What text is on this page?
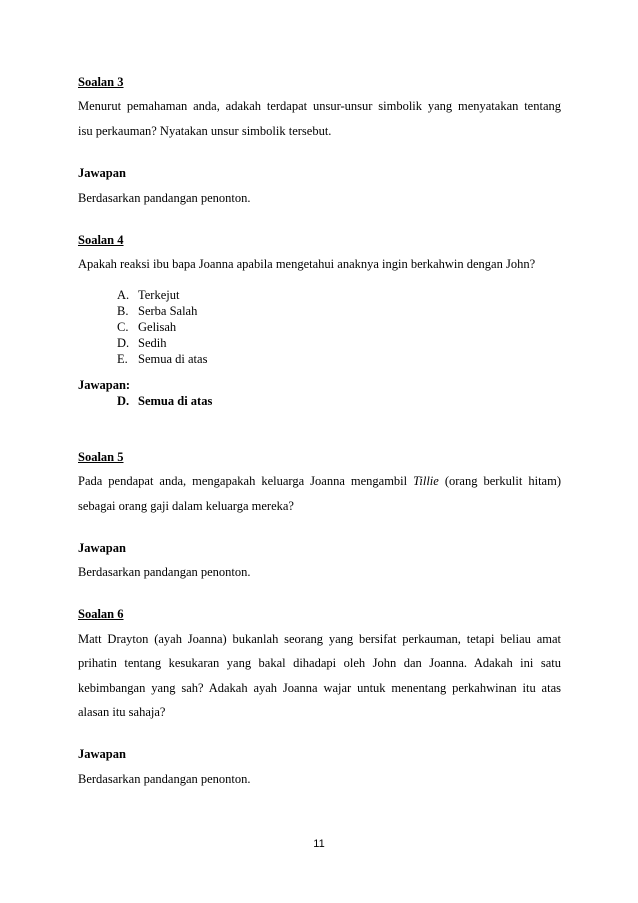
Soalan 3
Menurut pemahaman anda, adakah terdapat unsur-unsur simbolik yang menyatakan tentang
isu perkauman? Nyatakan unsur simbolik tersebut.
Jawapan
Berdasarkan pandangan penonton.
Soalan 4
Apakah reaksi ibu bapa Joanna apabila mengetahui anaknya ingin berkahwin dengan John?
A. Terkejut
B. Serba Salah
C. Gelisah
D. Sedih
E. Semua di atas
Jawapan:
D. Semua di atas
Soalan 5
Pada pendapat anda, mengapakah keluarga Joanna mengambil Tillie (orang berkulit hitam)
sebagai orang gaji dalam keluarga mereka?
Jawapan
Berdasarkan pandangan penonton.
Soalan 6
Matt Drayton (ayah Joanna) bukanlah seorang yang bersifat perkauman, tetapi beliau amat
prihatin tentang kesukaran yang bakal dihadapi oleh John dan Joanna. Adakah ini satu
kebimbangan yang sah? Adakah ayah Joanna wajar untuk menentang perkahwinan itu atas
alasan itu sahaja?
Jawapan
Berdasarkan pandangan penonton.
11
